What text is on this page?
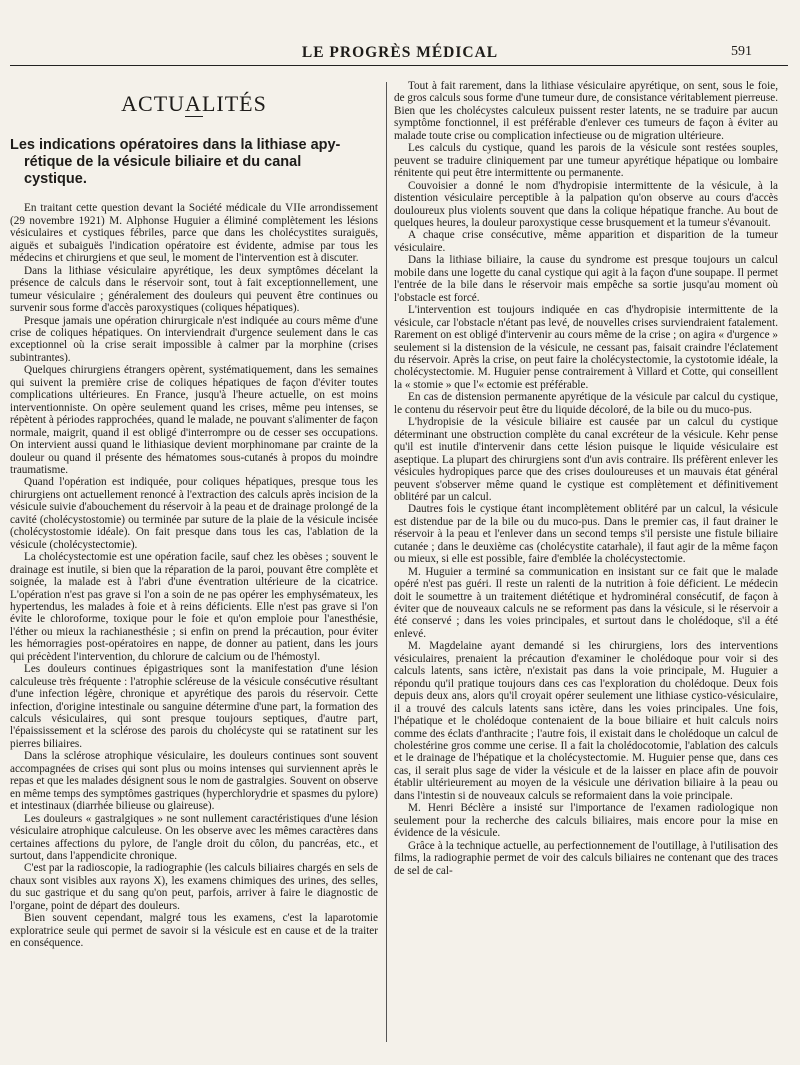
LE PROGRÈS MÉDICAL	591
ACTUALITÉS
Les indications opératoires dans la lithiase apy-
rétique de la vésicule biliaire et du canal
cystique.

En traitant cette question devant la Société médicale du VIIe arrondissement (29 novembre 1921) M. Alphonse Huguier a éliminé complètement les lésions vésiculaires et cystiques fébriles, parce que dans les cholécystites suraiguës, aiguës et subaiguës l'indication opératoire est évidente, admise par tous les médecins et chirurgiens et que seul, le moment de l'intervention est à discuter.

Dans la lithiase vésiculaire apyrétique, les deux symptômes décelant la présence de calculs dans le réservoir sont, tout à fait exceptionnellement, une tumeur vésiculaire ; généralement des douleurs qui peuvent être continues ou survenir sous forme d'accès paroxystiques (coliques hépatiques).

Presque jamais une opération chirurgicale n'est indiquée au cours même d'une crise de coliques hépatiques. On interviendrait d'urgence seulement dans le cas exceptionnel où la crise serait impossible à calmer par la morphine (crises subintrantes).

Quelques chirurgiens étrangers opèrent, systématiquement, dans les semaines qui suivent la première crise de coliques hépatiques de façon d'éviter toutes complications ultérieures. En France, jusqu'à l'heure actuelle, on est moins interventionniste. On opère seulement quand les crises, même peu intenses, se répètent à périodes rapprochées, quand le malade, ne pouvant s'alimenter de façon normale, maigrit, quand il est obligé d'interrompre ou de cesser ses occupations. On intervient aussi quand le lithiasique devient morphinomane par crainte de la douleur ou quand il présente des hématomes sous-cutanés à propos du moindre traumatisme.

Quand l'opération est indiquée, pour coliques hépatiques, presque tous les chirurgiens ont actuellement renoncé à l'extraction des calculs après incision de la vésicule suivie d'abouchement du réservoir à la peau et de drainage prolongé de la cavité (cholécystostomie) ou terminée par suture de la plaie de la vésicule incisée (cholécystostomie idéale). On fait presque dans tous les cas, l'ablation de la vésicule (cholécystectomie).

La cholécystectomie est une opération facile, sauf chez les obèses ; souvent le drainage est inutile, si bien que la réparation de la paroi, pouvant être complète et soignée, la malade est à l'abri d'une éventration ultérieure de la cicatrice. L'opération n'est pas grave si l'on a soin de ne pas opérer les emphysémateux, les hypertendus, les malades à foie et à reins déficients. Elle n'est pas grave si l'on évite le chloroforme, toxique pour le foie et qu'on emploie pour l'anesthésie, l'éther ou mieux la rachianesthésie ; si enfin on prend la précaution, pour éviter les hémorragies post-opératoires en nappe, de donner au patient, dans les jours qui précèdent l'intervention, du chlorure de calcium ou de l'hémostyl.

Les douleurs continues épigastriques sont la manifestation d'une lésion calculeuse très fréquente : l'atrophie scléreuse de la vésicule consécutive résultant d'une infection légère, chronique et apyrétique des parois du réservoir. Cette infection, d'origine intestinale ou sanguine détermine d'une part, la formation des calculs vésiculaires, qui sont presque toujours septiques, d'autre part, l'épaississement et la sclérose des parois du cholécyste qui se ratatinent sur les pierres biliaires.

Dans la sclérose atrophique vésiculaire, les douleurs continues sont souvent accompagnées de crises qui sont plus ou moins intenses qui surviennent après le repas et que les malades désignent sous le nom de gastralgies. Souvent on observe en même temps des symptômes gastriques (hyperchlorydrie et spasmes du pylore) et intestinaux (diarrhée bilieuse ou glaireuse).

Les douleurs « gastralgiques » ne sont nullement caractéristiques d'une lésion vésiculaire atrophique calculeuse. On les observe avec les mêmes caractères dans certaines affections du pylore, de l'angle droit du côlon, du pancréas, etc., et surtout, dans l'appendicite chronique.

C'est par la radioscopie, la radiographie (les calculs biliaires chargés en sels de chaux sont visibles aux rayons X), les examens chimiques des urines, des selles, du suc gastrique et du sang qu'on peut, parfois, arriver à faire le diagnostic de l'organe, point de départ des douleurs.

Bien souvent cependant, malgré tous les examens, c'est la laparotomie exploratrice seule qui permet de savoir si la vésicule est en cause et de la traiter en conséquence.

Tout à fait rarement, dans la lithiase vésiculaire apyrétique, on sent, sous le foie, de gros calculs sous forme d'une tumeur dure, de consistance véritablement pierreuse. Bien que les cholécystes calculeux puissent rester latents, ne se traduire par aucun symptôme fonctionnel, il est préférable d'enlever ces tumeurs de façon à éviter au malade toute crise ou complication infectieuse ou de migration ultérieure.

Les calculs du cystique, quand les parois de la vésicule sont restées souples, peuvent se traduire cliniquement par une tumeur apyrétique hépatique ou lombaire rénitente qui peut être intermittente ou permanente.

Couvoisier a donné le nom d'hydropisie intermittente de la vésicule, à la distention vésiculaire perceptible à la palpation qu'on observe au cours d'accès douloureux plus violents souvent que dans la colique hépatique franche. Au bout de quelques heures, la douleur paroxystique cesse brusquement et la tumeur s'évanouit.

A chaque crise consécutive, même apparition et disparition de la tumeur vésiculaire.

Dans la lithiase biliaire, la cause du syndrome est presque toujours un calcul mobile dans une logette du canal cystique qui agit à la façon d'une soupape. Il permet l'entrée de la bile dans le réservoir mais empêche sa sortie jusqu'au moment où l'obstacle est forcé.

L'intervention est toujours indiquée en cas d'hydropisie intermittente de la vésicule, car l'obstacle n'étant pas levé, de nouvelles crises surviendraient fatalement. Rarement on est obligé d'intervenir au cours même de la crise ; on agira « d'urgence » seulement si la distension de la vésicule, ne cessant pas, faisait craindre l'éclatement du réservoir. Après la crise, on peut faire la cholécystectomie, la cystotomie idéale, la cholécystectomie. M. Huguier pense contrairement à Villard et Cotte, qui conseillent la « stomie » que l'« ectomie est préférable.

En cas de distension permanente apyrétique de la vésicule par calcul du cystique, le contenu du réservoir peut être du liquide décoloré, de la bile ou du muco-pus.

L'hydropisie de la vésicule biliaire est causée par un calcul du cystique déterminant une obstruction complète du canal excréteur de la vésicule. Kehr pense qu'il est inutile d'intervenir dans cette lésion puisque le liquide vésiculaire est aseptique. La plupart des chirurgiens sont d'un avis contraire. Ils préfèrent enlever les vésicules hydropiques parce que des crises douloureuses et un mauvais état général peuvent s'observer même quand le cystique est complètement et définitivement oblitéré par un calcul.

Dautres fois le cystique étant incomplètement oblitéré par un calcul, la vésicule est distendue par de la bile ou du muco-pus. Dans le premier cas, il faut drainer le réservoir à la peau et l'enlever dans un second temps s'il persiste une fistule biliaire cutanée ; dans le deuxième cas (cholécystite catarhale), il faut agir de la même façon ou mieux, si elle est possible, faire d'emblée la cholécystectomie.

M. Huguier a terminé sa communication en insistant sur ce fait que le malade opéré n'est pas guéri. Il reste un ralenti de la nutrition à foie déficient. Le médecin doit le soumettre à un traitement diététique et hydrominéral consécutif, de façon à éviter que de nouveaux calculs ne se reforment pas dans la vésicule, si le réservoir a été conservé ; dans les voies principales, et surtout dans le cholédoque, s'il a été enlevé.

M. Magdelaine ayant demandé si les chirurgiens, lors des interventions vésiculaires, prenaient la précaution d'examiner le cholédoque pour voir si des calculs latents, sans ictère, n'existait pas dans la voie principale, M. Huguier a répondu qu'il pratique toujours dans ces cas l'exploration du cholédoque. Deux fois depuis deux ans, alors qu'il croyait opérer seulement une lithiase cystico-vésiculaire, il a trouvé des calculs latents sans ictère, dans les voies principales. Une fois, l'hépatique et le cholédoque contenaient de la boue biliaire et huit calculs noirs comme des éclats d'anthracite ; l'autre fois, il existait dans le cholédoque un calcul de cholestérine gros comme une cerise. Il a fait la cholédocotomie, l'ablation des calculs et le drainage de l'hépatique et la cholécystectomie. M. Huguier pense que, dans ces cas, il serait plus sage de vider la vésicule et de la laisser en place afin de pouvoir établir ultérieurement au moyen de la vésicule une dérivation biliaire à la peau ou dans l'intestin si de nouveaux calculs se reformaient dans la voie principale.

M. Henri Béclère a insisté sur l'importance de l'examen radiologique non seulement pour la recherche des calculs biliaires, mais encore pour la mise en évidence de la vésicule.

Grâce à la technique actuelle, au perfectionnement de l'outillage, à l'utilisation des films, la radiographie permet de voir des calculs biliaires ne contenant que des traces de sel de cal-
